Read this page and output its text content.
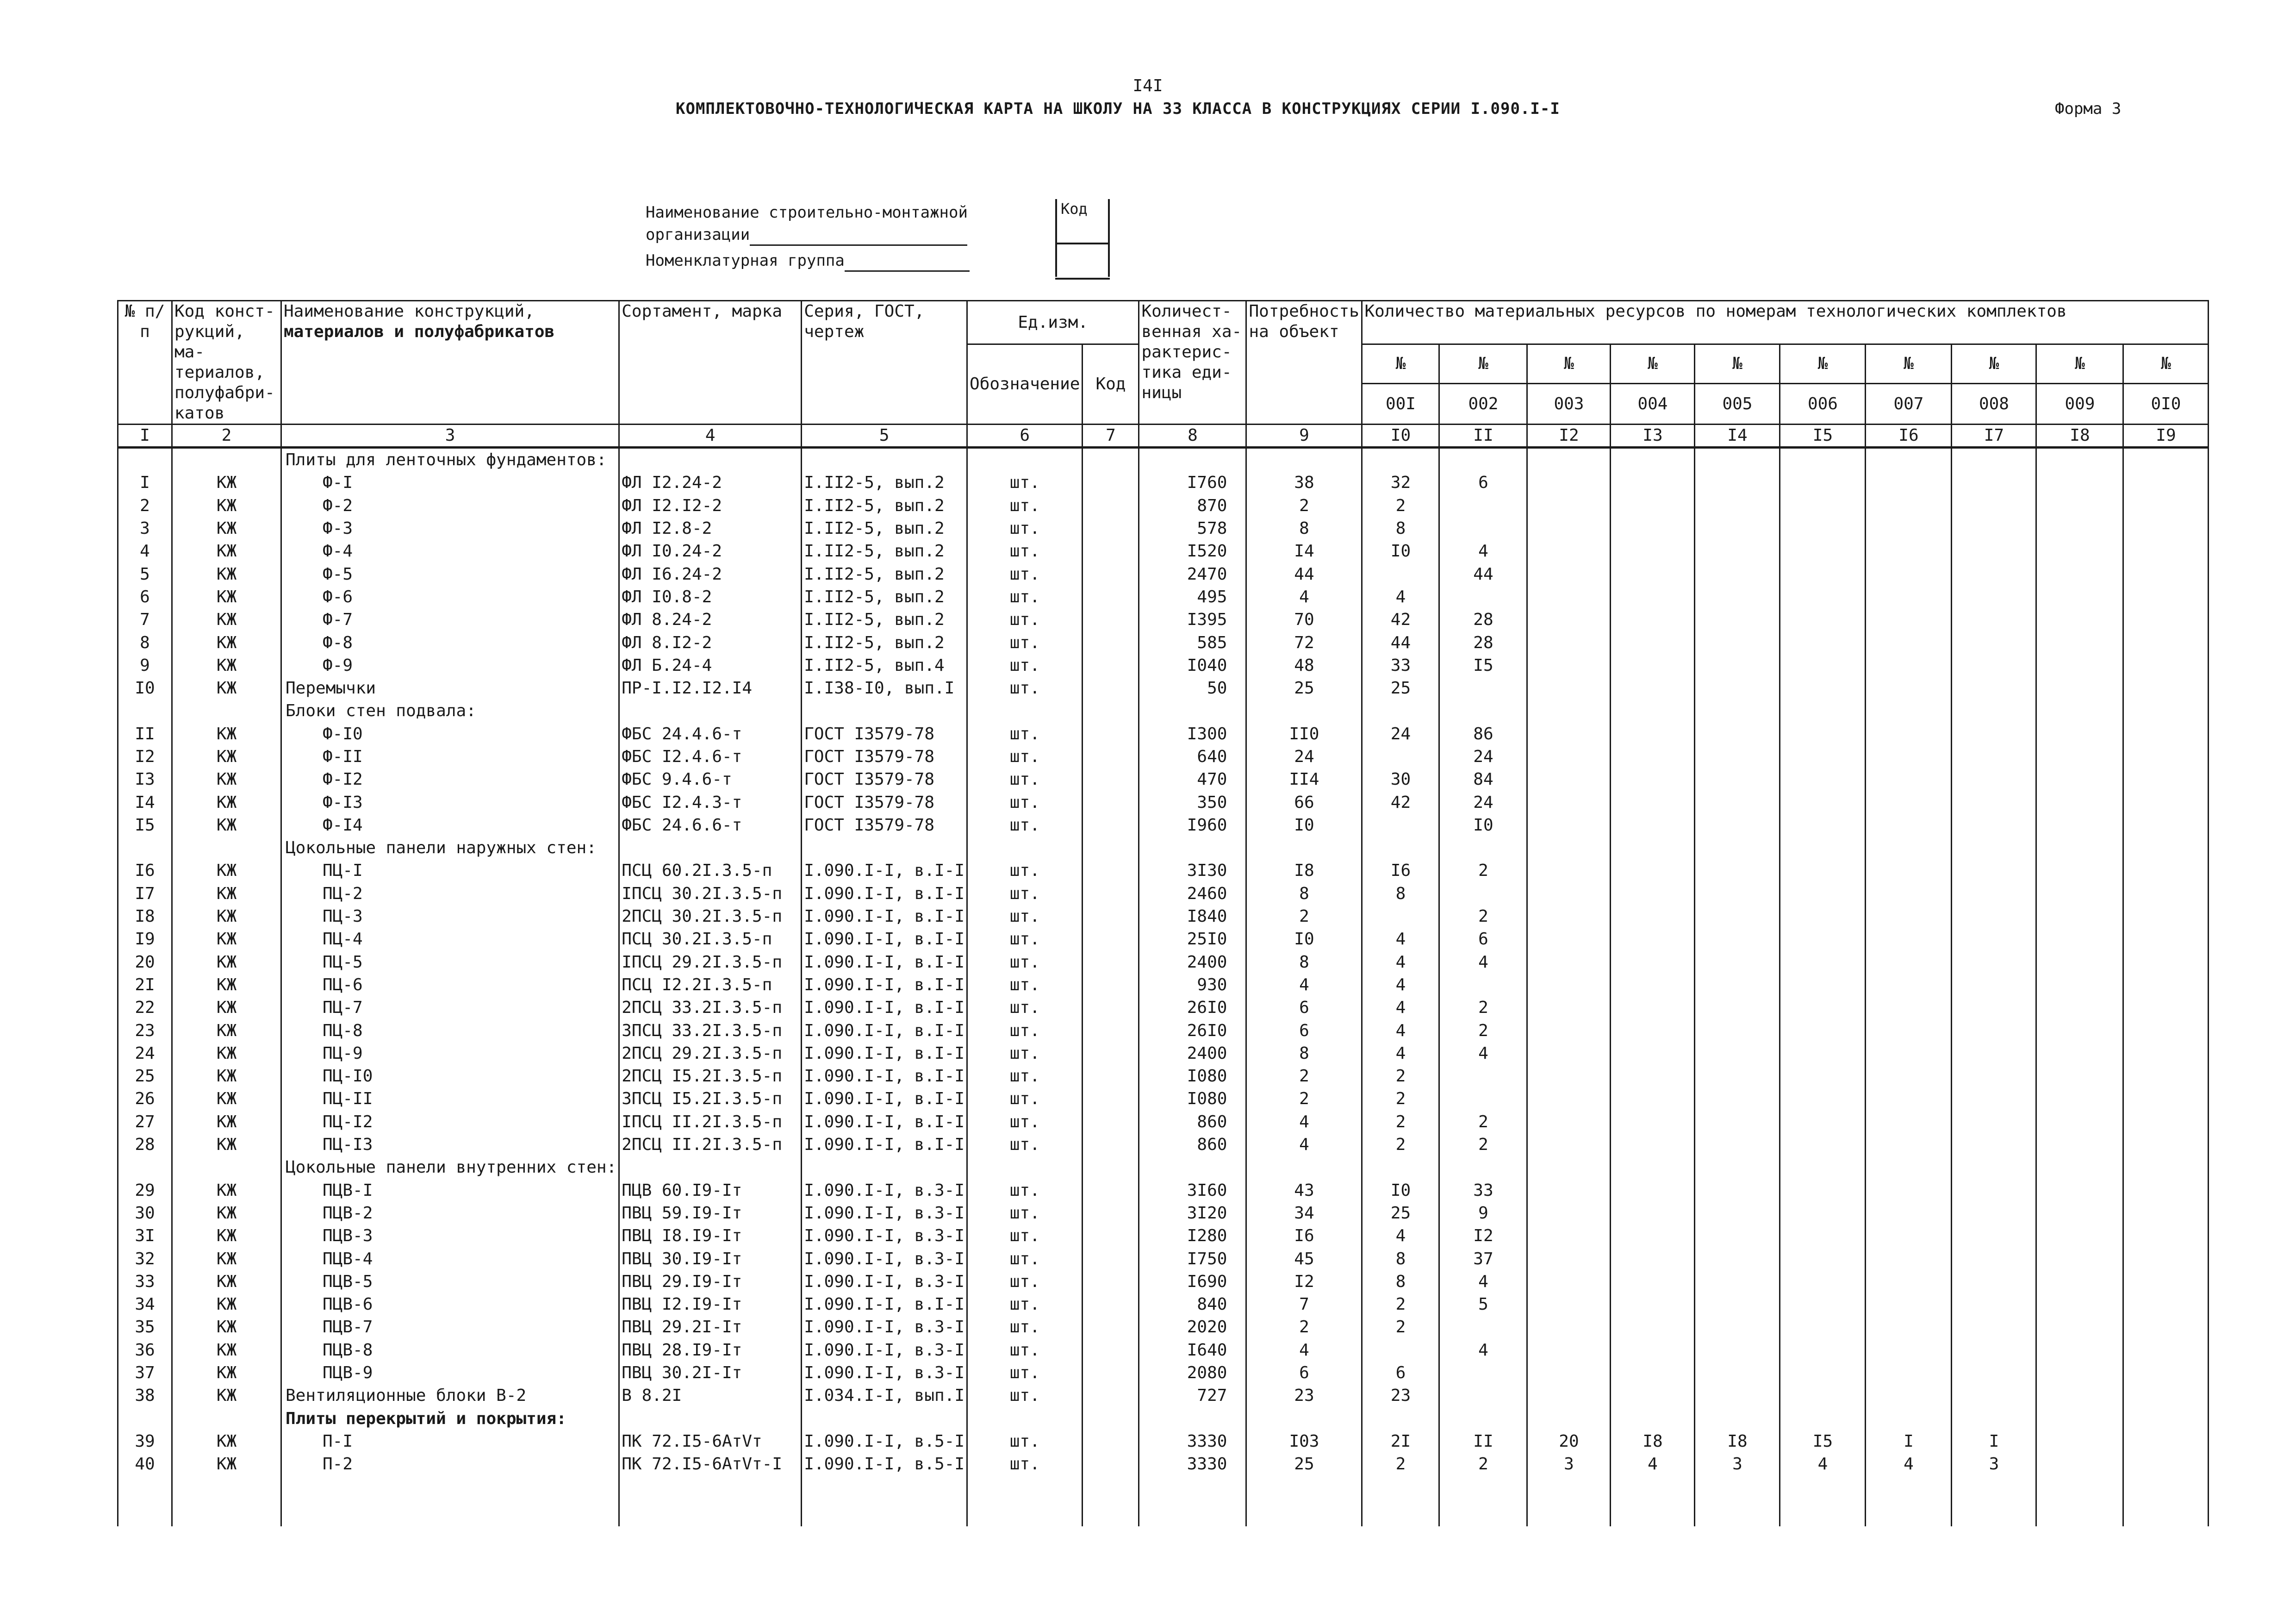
I4I
КОМПЛЕКТОВОЧНО-ТЕХНОЛОГИЧЕСКАЯ КАРТА НА ШКОЛУ НА 33 КЛАССА В КОНСТРУКЦИЯХ СЕРИИ I.090.I-I	Форма 3
Наименование строительно-монтажной
организации
Номенклатурная группа
Код
№ п/п	Код конст-рукций, ма-териалов, полуфабри-катов	Наименование конструкций,
материалов и полуфабрикатов	Сортамент, марка	Серия, ГОСТ, чертеж	Ед.изм.		Количест-венная ха-рактерис-тика еди-ницы	Потребность на объект	Количество материальных ресурсов по номерам технологических комплектов									
					Обозначение	Код			№	№	№	№	№	№	№	№	№	№
									00I	002	003	004	005	006	007	008	009	0I0
I	2	3	4	5	6	7	8	9	I0	II	I2	I3	I4	I5	I6	I7	I8	I9
		Плиты для ленточных фундаментов:																
I	КЖ	Ф-I	ФЛ I2.24-2	I.II2-5, вып.2	шт.		I760	38	32	6								
2	КЖ	Ф-2	ФЛ I2.I2-2	I.II2-5, вып.2	шт.		870	2	2									
3	КЖ	Ф-3	ФЛ I2.8-2	I.II2-5, вып.2	шт.		578	8	8									
4	КЖ	Ф-4	ФЛ I0.24-2	I.II2-5, вып.2	шт.		I520	I4	I0	4								
5	КЖ	Ф-5	ФЛ I6.24-2	I.II2-5, вып.2	шт.		2470	44		44								
6	КЖ	Ф-6	ФЛ I0.8-2	I.II2-5, вып.2	шт.		495	4	4									
7	КЖ	Ф-7	ФЛ 8.24-2	I.II2-5, вып.2	шт.		I395	70	42	28								
8	КЖ	Ф-8	ФЛ 8.I2-2	I.II2-5, вып.2	шт.		585	72	44	28								
9	КЖ	Ф-9	ФЛ Б.24-4	I.II2-5, вып.4	шт.		I040	48	33	I5								
I0	КЖ	Перемычки	ПР-I.I2.I2.I4	I.I38-I0, вып.I	шт.		50	25	25									
		Блоки стен подвала:																
II	КЖ	Ф-I0	ФБС 24.4.6-т	ГОСТ I3579-78	шт.		I300	II0	24	86								
I2	КЖ	Ф-II	ФБС I2.4.6-т	ГОСТ I3579-78	шт.		640	24		24								
I3	КЖ	Ф-I2	ФБС 9.4.6-т	ГОСТ I3579-78	шт.		470	II4	30	84								
I4	КЖ	Ф-I3	ФБС I2.4.3-т	ГОСТ I3579-78	шт.		350	66	42	24								
I5	КЖ	Ф-I4	ФБС 24.6.6-т	ГОСТ I3579-78	шт.		I960	I0		I0								
		Цокольные панели наружных стен:																
I6	КЖ	ПЦ-I	ПСЦ 60.2I.3.5-п	I.090.I-I, в.I-I	шт.		3I30	I8	I6	2								
I7	КЖ	ПЦ-2	IПСЦ 30.2I.3.5-п	I.090.I-I, в.I-I	шт.		2460	8	8									
I8	КЖ	ПЦ-3	2ПСЦ 30.2I.3.5-п	I.090.I-I, в.I-I	шт.		I840	2		2								
I9	КЖ	ПЦ-4	ПСЦ 30.2I.3.5-п	I.090.I-I, в.I-I	шт.		25I0	I0	4	6								
20	КЖ	ПЦ-5	IПСЦ 29.2I.3.5-п	I.090.I-I, в.I-I	шт.		2400	8	4	4								
2I	КЖ	ПЦ-6	ПСЦ I2.2I.3.5-п	I.090.I-I, в.I-I	шт.		930	4	4									
22	КЖ	ПЦ-7	2ПСЦ 33.2I.3.5-п	I.090.I-I, в.I-I	шт.		26I0	6	4	2								
23	КЖ	ПЦ-8	3ПСЦ 33.2I.3.5-п	I.090.I-I, в.I-I	шт.		26I0	6	4	2								
24	КЖ	ПЦ-9	2ПСЦ 29.2I.3.5-п	I.090.I-I, в.I-I	шт.		2400	8	4	4								
25	КЖ	ПЦ-I0	2ПСЦ I5.2I.3.5-п	I.090.I-I, в.I-I	шт.		I080	2	2									
26	КЖ	ПЦ-II	3ПСЦ I5.2I.3.5-п	I.090.I-I, в.I-I	шт.		I080	2	2									
27	КЖ	ПЦ-I2	IПСЦ II.2I.3.5-п	I.090.I-I, в.I-I	шт.		860	4	2	2								
28	КЖ	ПЦ-I3	2ПСЦ II.2I.3.5-п	I.090.I-I, в.I-I	шт.		860	4	2	2								
		Цокольные панели внутренних стен:																
29	КЖ	ПЦВ-I	ПЦВ 60.I9-Iт	I.090.I-I, в.3-I	шт.		3I60	43	I0	33								
30	КЖ	ПЦВ-2	ПВЦ 59.I9-Iт	I.090.I-I, в.3-I	шт.		3I20	34	25	9								
3I	КЖ	ПЦВ-3	ПВЦ I8.I9-Iт	I.090.I-I, в.3-I	шт.		I280	I6	4	I2								
32	КЖ	ПЦВ-4	ПВЦ 30.I9-Iт	I.090.I-I, в.3-I	шт.		I750	45	8	37								
33	КЖ	ПЦВ-5	ПВЦ 29.I9-Iт	I.090.I-I, в.3-I	шт.		I690	I2	8	4								
34	КЖ	ПЦВ-6	ПВЦ I2.I9-Iт	I.090.I-I, в.I-I	шт.		840	7	2	5								
35	КЖ	ПЦВ-7	ПВЦ 29.2I-Iт	I.090.I-I, в.3-I	шт.		2020	2	2									
36	КЖ	ПЦВ-8	ПВЦ 28.I9-Iт	I.090.I-I, в.3-I	шт.		I640	4		4								
37	КЖ	ПЦВ-9	ПВЦ 30.2I-Iт	I.090.I-I, в.3-I	шт.		2080	6	6									
38	КЖ	Вентиляционные блоки В-2	В 8.2I	I.034.I-I, вып.I	шт.		727	23	23									
		Плиты перекрытий и покрытия:																
39	КЖ	П-I	ПК 72.I5-6АтVт	I.090.I-I, в.5-I	шт.		3330	I03	2I	II	20	I8	I8	I5	I	I		
40	КЖ	П-2	ПК 72.I5-6АтVт-I	I.090.I-I, в.5-I	шт.		3330	25	2	2	3	4	3	4	4	3		
